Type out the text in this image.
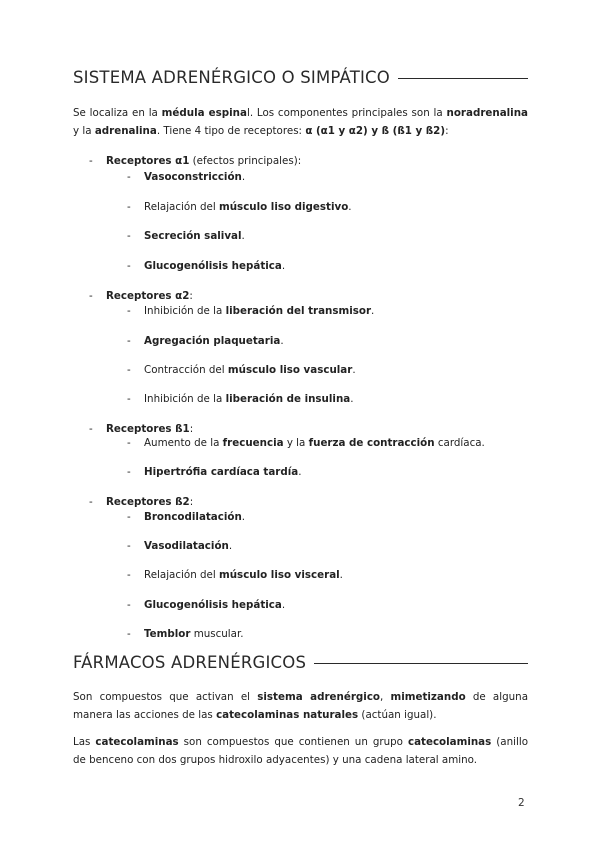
SISTEMA ADRENÉRGICO O SIMPÁTICO
Se localiza en la médula espinal. Los componentes principales son la noradrenalina y la adrenalina. Tiene 4 tipo de receptores: α (α1 y α2) y ß (ß1 y ß2):
- Receptores α1 (efectos principales):
- Vasoconstricción.
- Relajación del músculo liso digestivo.
- Secreción salival.
- Glucogenólisis hepática.
- Receptores α2:
- Inhibición de la liberación del transmisor.
- Agregación plaquetaria.
- Contracción del músculo liso vascular.
- Inhibición de la liberación de insulina.
- Receptores ß1:
- Aumento de la frecuencia y la fuerza de contracción cardíaca.
- Hipertrófia cardíaca tardía.
- Receptores ß2:
- Broncodilatación.
- Vasodilatación.
- Relajación del músculo liso visceral.
- Glucogenólisis hepática.
- Temblor muscular.
FÁRMACOS ADRENÉRGICOS
Son compuestos que activan el sistema adrenérgico, mimetizando de alguna manera las acciones de las catecolaminas naturales (actúan igual).
Las catecolaminas son compuestos que contienen un grupo catecolaminas (anillo de benceno con dos grupos hidroxilo adyacentes) y una cadena lateral amino.
2
